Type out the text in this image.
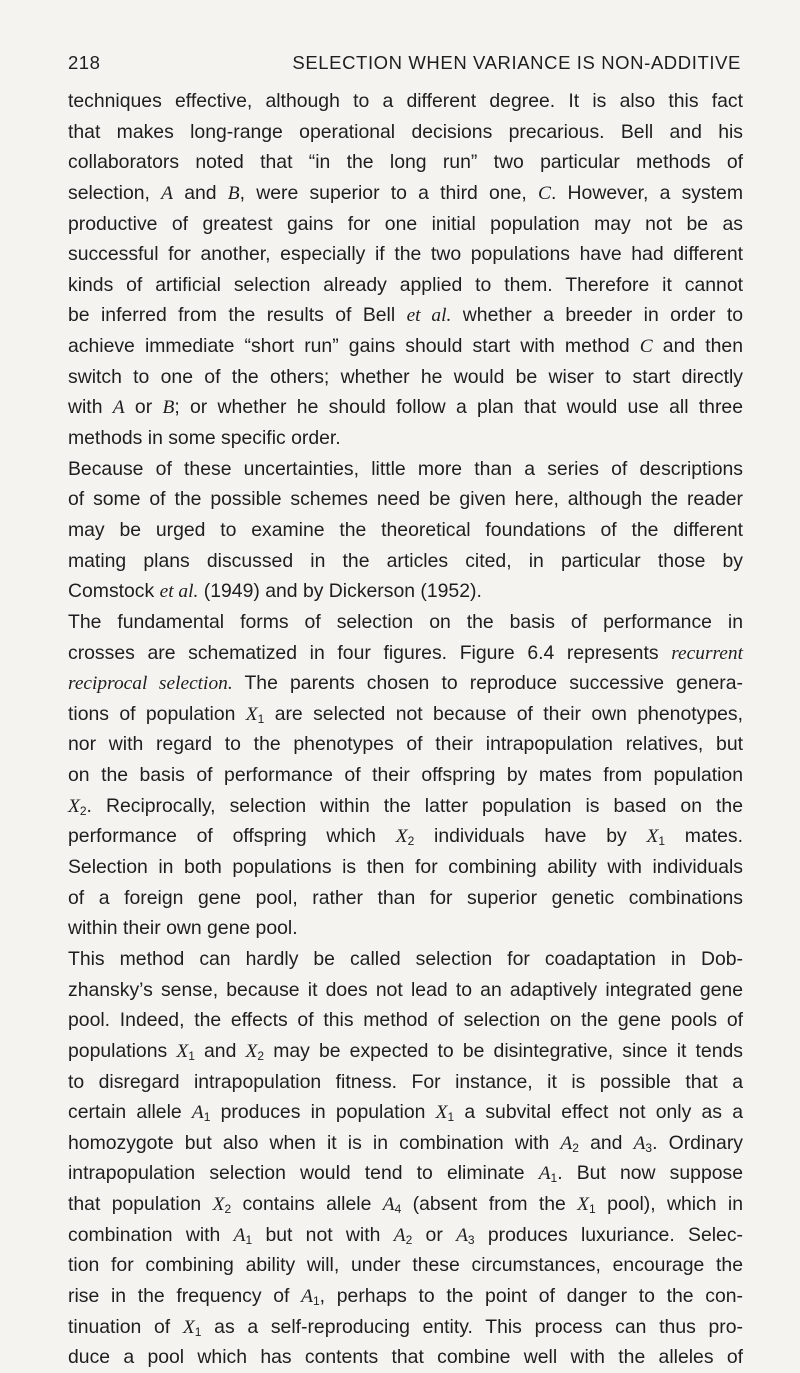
218	SELECTION WHEN VARIANCE IS NON-ADDITIVE
techniques effective, although to a different degree. It is also this fact
that makes long-range operational decisions precarious. Bell and his
collaborators noted that “in the long run” two particular methods of
selection, A and B, were superior to a third one, C. However, a system
productive of greatest gains for one initial population may not be as
successful for another, especially if the two populations have had different
kinds of artificial selection already applied to them. Therefore it cannot
be inferred from the results of Bell et al. whether a breeder in order to
achieve immediate “short run” gains should start with method C and then
switch to one of the others; whether he would be wiser to start directly
with A or B; or whether he should follow a plan that would use all three
methods in some specific order.
Because of these uncertainties, little more than a series of descriptions
of some of the possible schemes need be given here, although the reader
may be urged to examine the theoretical foundations of the different
mating plans discussed in the articles cited, in particular those by
Comstock et al. (1949) and by Dickerson (1952).
The fundamental forms of selection on the basis of performance in
crosses are schematized in four figures. Figure 6.4 represents recurrent
reciprocal selection. The parents chosen to reproduce successive genera-
tions of population $X_1$ are selected not because of their own phenotypes,
nor with regard to the phenotypes of their intrapopulation relatives, but
on the basis of performance of their offspring by mates from population
$X_2$. Reciprocally, selection within the latter population is based on the
performance of offspring which $X_2$ individuals have by $X_1$ mates.
Selection in both populations is then for combining ability with individuals
of a foreign gene pool, rather than for superior genetic combinations
within their own gene pool.
This method can hardly be called selection for coadaptation in Dob-
zhansky’s sense, because it does not lead to an adaptively integrated gene
pool. Indeed, the effects of this method of selection on the gene pools of
populations $X_1$ and $X_2$ may be expected to be disintegrative, since it tends
to disregard intrapopulation fitness. For instance, it is possible that a
certain allele $A_1$ produces in population $X_1$ a subvital effect not only as a
homozygote but also when it is in combination with $A_2$ and $A_3$. Ordinary
intrapopulation selection would tend to eliminate $A_1$. But now suppose
that population $X_2$ contains allele $A_4$ (absent from the $X_1$ pool), which in
combination with $A_1$ but not with $A_2$ or $A_3$ produces luxuriance. Selec-
tion for combining ability will, under these circumstances, encourage the
rise in the frequency of $A_1$, perhaps to the point of danger to the con-
tinuation of $X_1$ as a self-reproducing entity. This process can thus pro-
duce a pool which has contents that combine well with the alleles of
